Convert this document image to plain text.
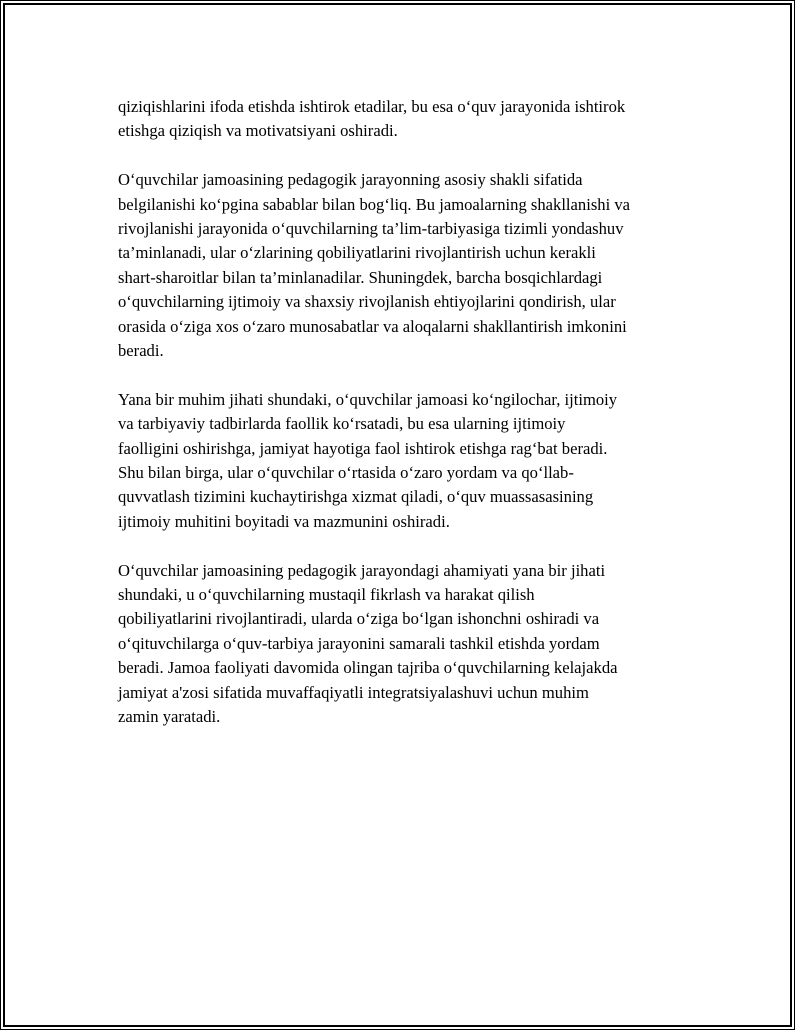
qiziqishlarini ifoda etishda ishtirok etadilar, bu esa o‘quv jarayonida ishtirok
etishga qiziqish va motivatsiyani oshiradi.

O‘quvchilar jamoasining pedagogik jarayonning asosiy shakli sifatida
belgilanishi ko‘pgina sabablar bilan bog‘liq. Bu jamoalarning shakllanishi va
rivojlanishi jarayonida o‘quvchilarning ta’lim-tarbiyasiga tizimli yondashuv
ta’minlanadi, ular o‘zlarining qobiliyatlarini rivojlantirish uchun kerakli
shart-sharoitlar bilan ta’minlanadilar. Shuningdek, barcha bosqichlardagi
o‘quvchilarning ijtimoiy va shaxsiy rivojlanish ehtiyojlarini qondirish, ular
orasida o‘ziga xos o‘zaro munosabatlar va aloqalarni shakllantirish imkonini
beradi.

Yana bir muhim jihati shundaki, o‘quvchilar jamoasi ko‘ngilochar, ijtimoiy
va tarbiyaviy tadbirlarda faollik ko‘rsatadi, bu esa ularning ijtimoiy
faolligini oshirishga, jamiyat hayotiga faol ishtirok etishga rag‘bat beradi.
Shu bilan birga, ular o‘quvchilar o‘rtasida o‘zaro yordam va qo‘llab-
quvvatlash tizimini kuchaytirishga xizmat qiladi, o‘quv muassasasining
ijtimoiy muhitini boyitadi va mazmunini oshiradi.

O‘quvchilar jamoasining pedagogik jarayondagi ahamiyati yana bir jihati
shundaki, u o‘quvchilarning mustaqil fikrlash va harakat qilish
qobiliyatlarini rivojlantiradi, ularda o‘ziga bo‘lgan ishonchni oshiradi va
o‘qituvchilarga o‘quv-tarbiya jarayonini samarali tashkil etishda yordam
beradi. Jamoa faoliyati davomida olingan tajriba o‘quvchilarning kelajakda
jamiyat a'zosi sifatida muvaffaqiyatli integratsiyalashuvi uchun muhim
zamin yaratadi.
